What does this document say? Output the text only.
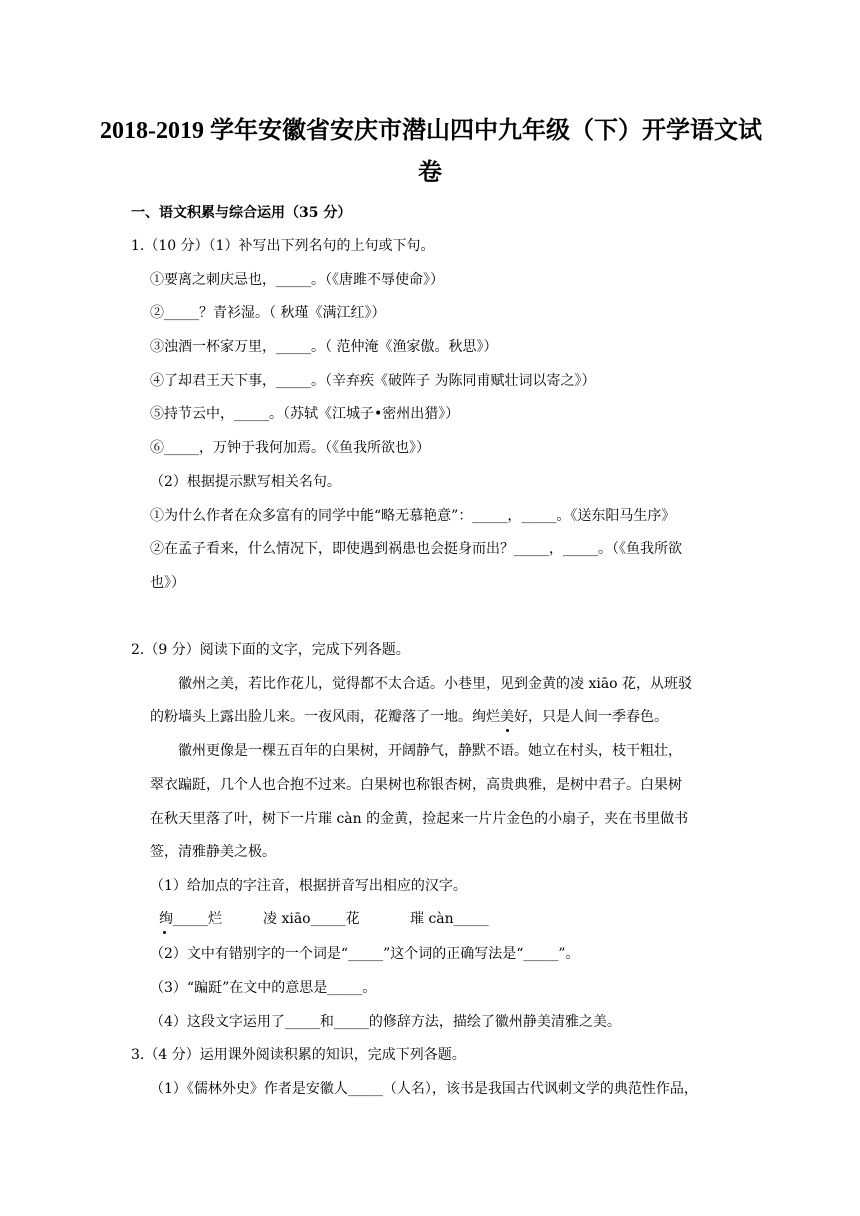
2018-2019 学年安徽省安庆市潜山四中九年级（下）开学语文试
卷
一、语文积累与综合运用（35 分）
1.（10 分）（1）补写出下列名句的上句或下句。
①要离之刺庆忌也，_____。（《唐雎不辱使命》）
②_____？青衫湿。（ 秋瑾《满江红》）
③浊酒一杯家万里，_____。（ 范仲淹《渔家傲。秋思》）
④了却君王天下事，_____。（辛弃疾《破阵子 为陈同甫赋壮词以寄之》）
⑤持节云中，_____。（苏轼《江城子•密州出猎》）
⑥_____，万钟于我何加焉。（《鱼我所欲也》）
（2）根据提示默写相关名句。
①为什么作者在众多富有的同学中能“略无慕艳意”：_____，_____。《送东阳马生序》
②在孟子看来，什么情况下，即使遇到祸患也会挺身而出？_____，_____。（《鱼我所欲
也》）
2.（9 分）阅读下面的文字，完成下列各题。
徽州之美，若比作花儿，觉得都不太合适。小巷里，见到金黄的凌 xiāo 花，从班驳
的粉墙头上露出脸儿来。一夜风雨，花瓣落了一地。绚烂美好，只是人间一季春色。
徽州更像是一棵五百年的白果树，开阔静气，静默不语。她立在村头，枝干粗壮，
翠衣蹁跹，几个人也合抱不过来。白果树也称银杏树，高贵典雅，是树中君子。白果树
在秋天里落了叶，树下一片璀 càn 的金黄，捡起来一片片金色的小扇子，夹在书里做书
签，清雅静美之极。
（1）给加点的字注音，根据拼音写出相应的汉字。
绚_____烂	凌 xiāo_____花	璀 càn_____
（2）文中有错别字的一个词是“_____”这个词的正确写法是“_____”。
（3）“蹁跹”在文中的意思是_____。
（4）这段文字运用了_____和_____的修辞方法，描绘了徽州静美清雅之美。
3.（4 分）运用课外阅读积累的知识，完成下列各题。
（1）《儒林外史》作者是安徽人_____（人名），该书是我国古代讽刺文学的典范性作品，
